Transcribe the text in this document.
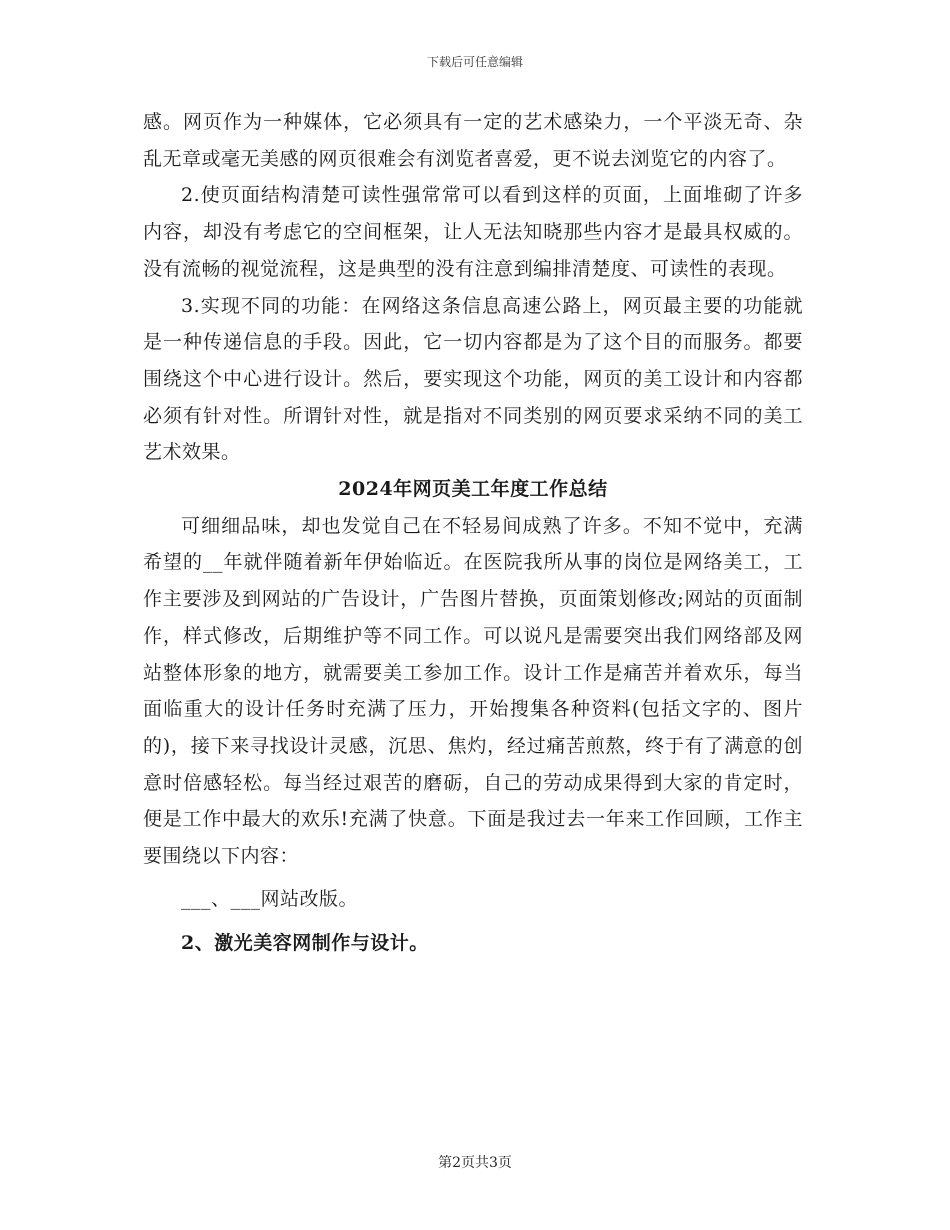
下载后可任意编辑

感。网页作为一种媒体，它必须具有一定的艺术感染力，一个平淡无奇、杂乱无章或毫无美感的网页很难会有浏览者喜爱，更不说去浏览它的内容了。

2.使页面结构清楚可读性强常常可以看到这样的页面，上面堆砌了许多内容，却没有考虑它的空间框架，让人无法知晓那些内容才是最具权威的。没有流畅的视觉流程，这是典型的没有注意到编排清楚度、可读性的表现。

3.实现不同的功能：在网络这条信息高速公路上，网页最主要的功能就是一种传递信息的手段。因此，它一切内容都是为了这个目的而服务。都要围绕这个中心进行设计。然后，要实现这个功能，网页的美工设计和内容都必须有针对性。所谓针对性，就是指对不同类别的网页要求采纳不同的美工艺术效果。

2024年网页美工年度工作总结

可细细品味，却也发觉自己在不轻易间成熟了许多。不知不觉中，充满希望的__年就伴随着新年伊始临近。在医院我所从事的岗位是网络美工，工作主要涉及到网站的广告设计，广告图片替换，页面策划修改;网站的页面制作，样式修改，后期维护等不同工作。可以说凡是需要突出我们网络部及网站整体形象的地方，就需要美工参加工作。设计工作是痛苦并着欢乐，每当面临重大的设计任务时充满了压力，开始搜集各种资料(包括文字的、图片的)，接下来寻找设计灵感，沉思、焦灼，经过痛苦煎熬，终于有了满意的创意时倍感轻松。每当经过艰苦的磨砺，自己的劳动成果得到大家的肯定时，便是工作中最大的欢乐!充满了快意。下面是我过去一年来工作回顾，工作主要围绕以下内容：

___、___网站改版。

2、激光美容网制作与设计。

第2页共3页
